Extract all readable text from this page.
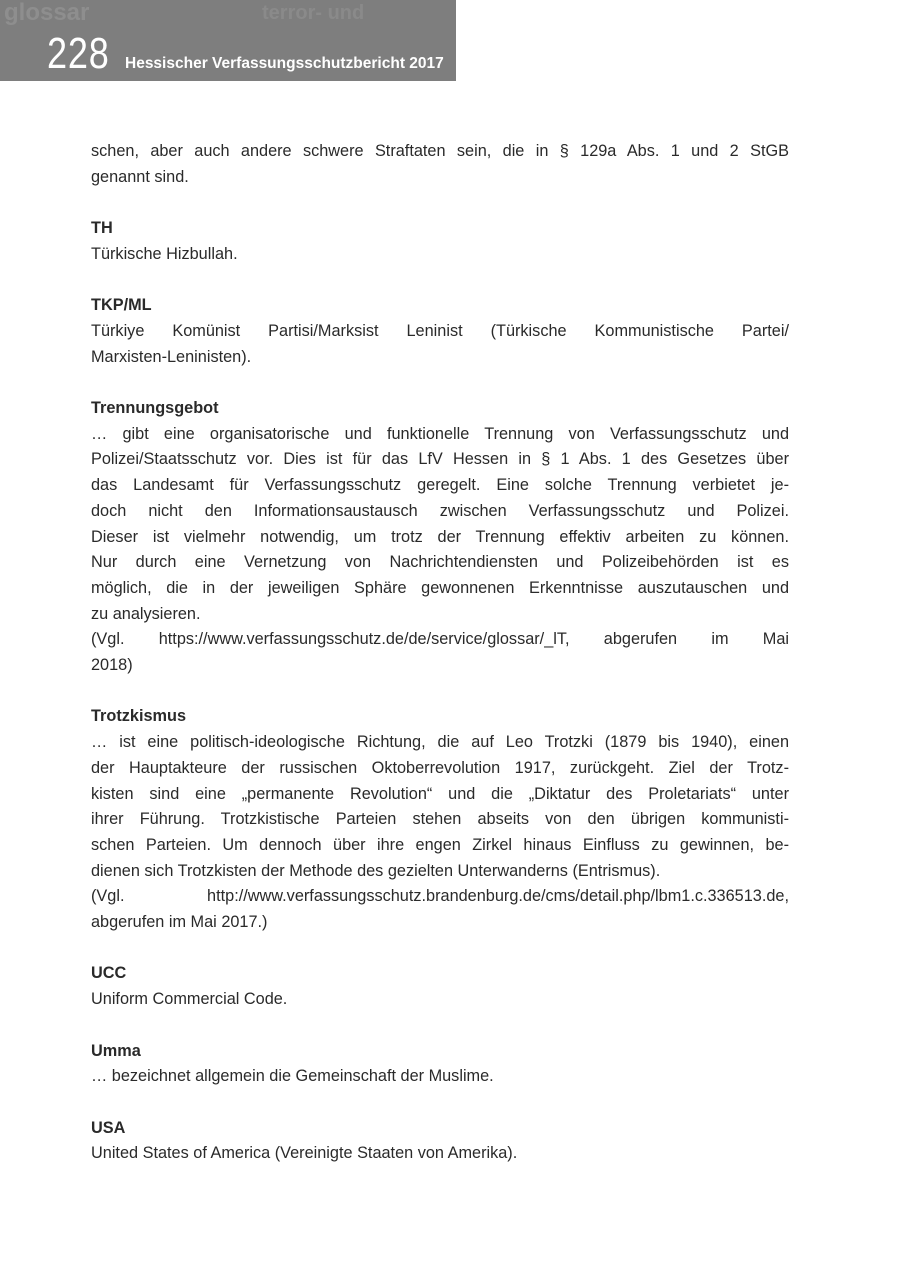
glossar	terror- und
228 Hessischer Verfassungsschutzbericht 2017
schen, aber auch andere schwere Straftaten sein, die in § 129a Abs. 1 und 2 StGB
genannt sind.
TH
Türkische Hizbullah.
TKP/ML
Türkiye Komünist Partisi/Marksist Leninist (Türkische Kommunistische Partei/
Marxisten-Leninisten).
Trennungsgebot
… gibt eine organisatorische und funktionelle Trennung von Verfassungsschutz und
Polizei/Staatsschutz vor. Dies ist für das LfV Hessen in § 1 Abs. 1 des Gesetzes über
das Landesamt für Verfassungsschutz geregelt. Eine solche Trennung verbietet je-
doch nicht den Informationsaustausch zwischen Verfassungsschutz und Polizei.
Dieser ist vielmehr notwendig, um trotz der Trennung effektiv arbeiten zu können.
Nur durch eine Vernetzung von Nachrichtendiensten und Polizeibehörden ist es
möglich, die in der jeweiligen Sphäre gewonnenen Erkenntnisse auszutauschen und
zu analysieren.
(Vgl. https://www.verfassungsschutz.de/de/service/glossar/_lT, abgerufen im Mai
2018)
Trotzkismus
… ist eine politisch-ideologische Richtung, die auf Leo Trotzki (1879 bis 1940), einen
der Hauptakteure der russischen Oktoberrevolution 1917, zurückgeht. Ziel der Trotz-
kisten sind eine „permanente Revolution“ und die „Diktatur des Proletariats“ unter
ihrer Führung. Trotzkistische Parteien stehen abseits von den übrigen kommunisti-
schen Parteien. Um dennoch über ihre engen Zirkel hinaus Einfluss zu gewinnen, be-
dienen sich Trotzkisten der Methode des gezielten Unterwanderns (Entrismus).
(Vgl. http://www.verfassungsschutz.brandenburg.de/cms/detail.php/lbm1.c.336513.de,
abgerufen im Mai 2017.)
UCC
Uniform Commercial Code.
Umma
… bezeichnet allgemein die Gemeinschaft der Muslime.
USA
United States of America (Vereinigte Staaten von Amerika).
